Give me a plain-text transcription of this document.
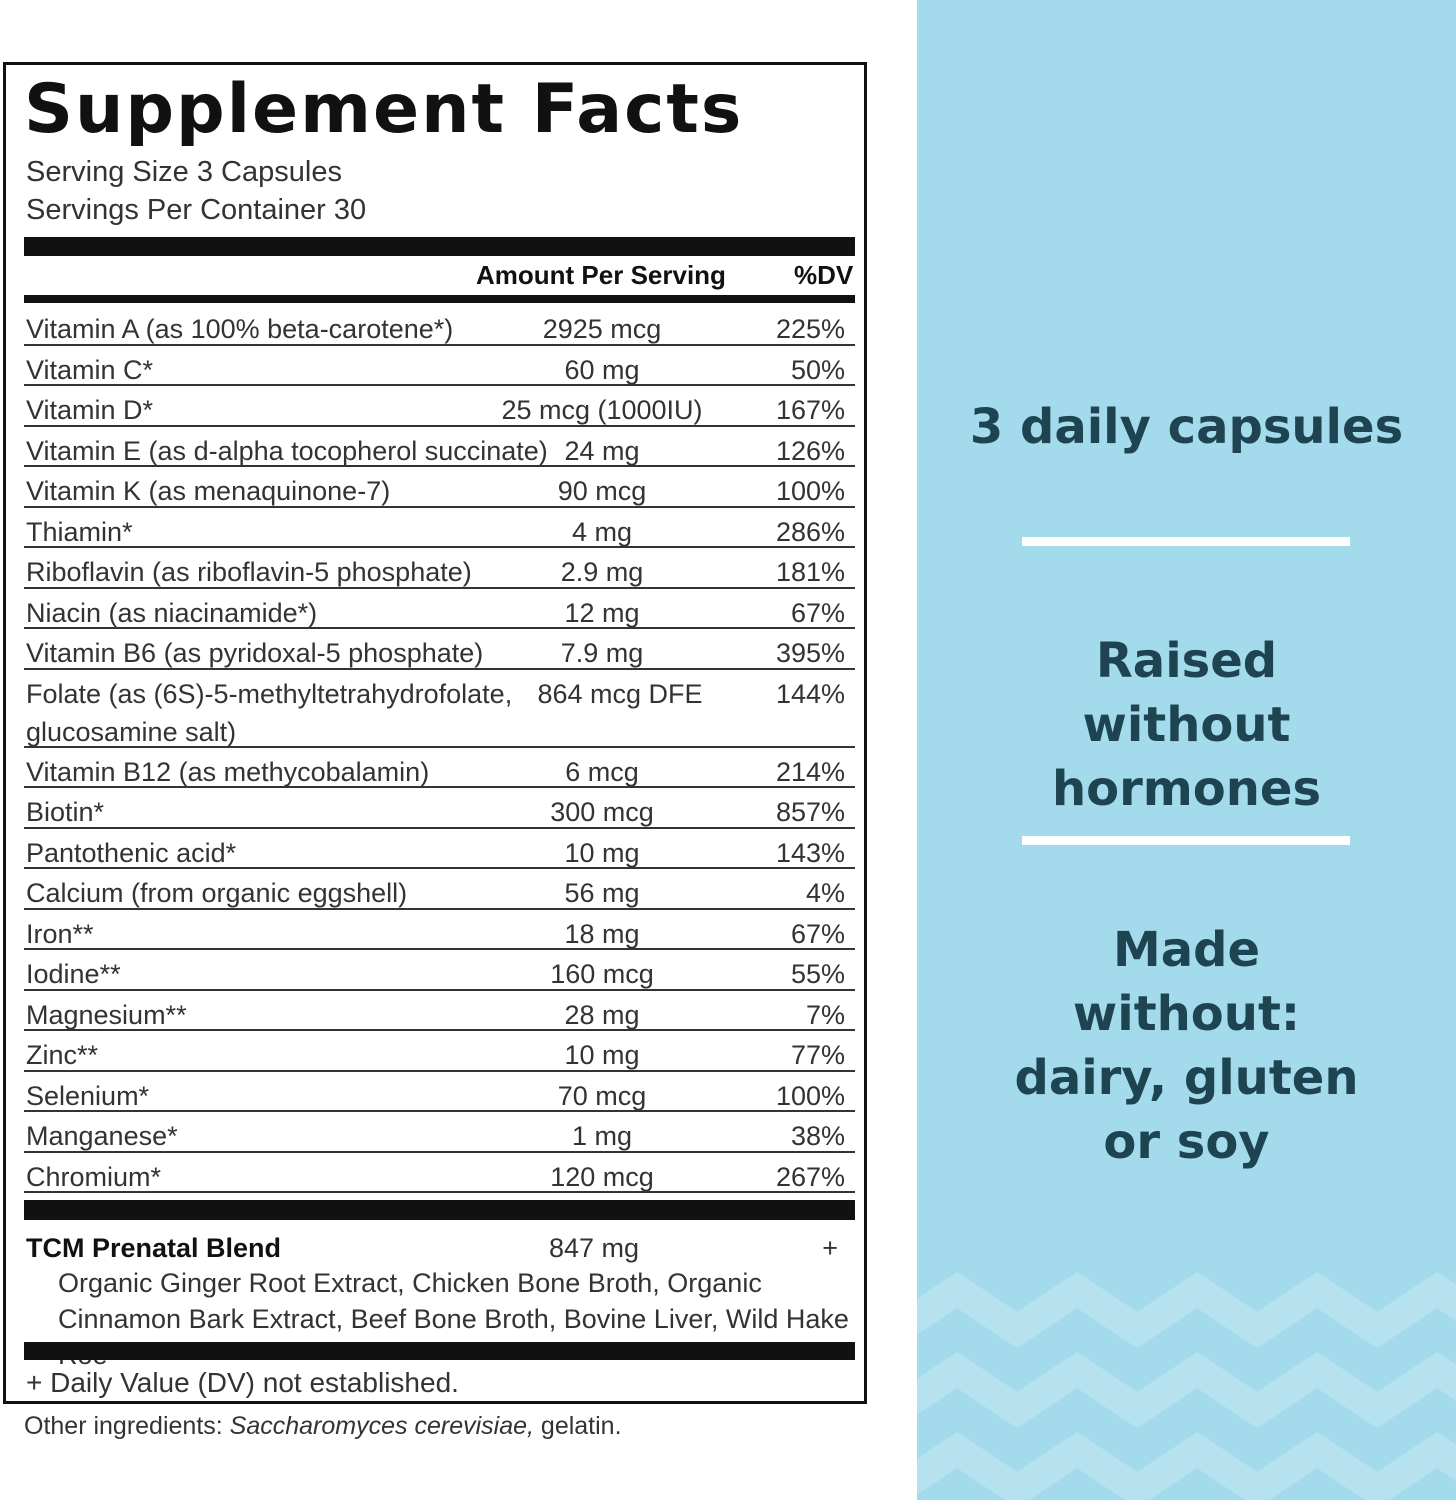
Supplement Facts
Serving Size 3 Capsules
Servings Per Container 30
Amount Per Serving	%DV
Vitamin A (as 100% beta-carotene*)	2925 mcg	225%
Vitamin C*	60 mg	50%
Vitamin D*	25 mcg (1000IU)	167%
Vitamin E (as d-alpha tocopherol succinate) 24 mg	126%
Vitamin K (as menaquinone-7)	90 mcg	100%
Thiamin*	4 mg	286%
Riboflavin (as riboflavin-5 phosphate)	2.9 mg	181%
Niacin (as niacinamide*)	12 mg	67%
Vitamin B6 (as pyridoxal-5 phosphate)	7.9 mg	395%
Folate (as (6S)-5-methyltetrahydrofolate,
glucosamine salt)
864 mcg DFE	144%
Vitamin B12 (as methycobalamin)	6 mcg	214%
Biotin*	300 mcg	857%
Pantothenic acid*	10 mg	143%
Calcium (from organic eggshell)	56 mg	4%
Iron**	18 mg	67%
Iodine**	160 mcg	55%
Magnesium**	28 mg	7%
Zinc**	10 mg	77%
Selenium*	70 mcg	100%
Manganese*	1 mg	38%
Chromium*	120 mcg	267%
TCM Prenatal Blend	847 mg	+

Organic Ginger Root Extract, Chicken Bone Broth, Organic Cinnamon Bark Extract, Beef Bone Broth, Bovine Liver, Wild Hake

+ Daily Value (DV) not established.
Other ingredients: Saccharomyces cerevisiae, gelatin.

3 daily capsules

Raised without hormones

Made without: dairy, gluten or soy
